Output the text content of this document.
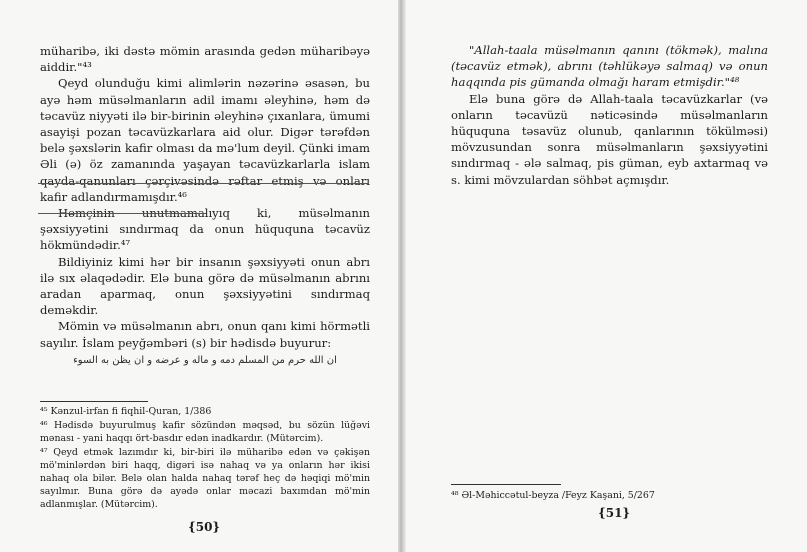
müharibə, iki dəstə mömin arasında gedən müharibəyə aiddir."⁴³

Qeyd olunduğu kimi alimlərin nəzərinə əsasən, bu ayə həm müsəlmanların adil imamı əleyhinə, həm də təcavüz niyyəti ilə bir-birinin əleyhinə çıxanlara, ümumi asayişi pozan təcavüzkarlara aid olur. Digər tərəfdən belə şəxslərin kafir olması da mə'lum deyil. Çünki imam Əli (ə) öz zamanında yaşayan təcavüzkarlarla islam qayda-qanunları çərçivəsində rəftar etmiş və onları kafir adlandırmamışdır.⁴⁶

Həmçinin unutmamalıyıq ki, müsəlmanın şəxsiyyətini sındırmaq da onun hüququna təcavüz hökmündədir.⁴⁷

Bildiyiniz kimi hər bir insanın şəxsiyyəti onun abrı ilə sıx əlaqədədir. Elə buna görə də müsəlmanın abrını aradan aparmaq, onun şəxsiyyətini sındırmaq deməkdir.

Mömin və müsəlmanın abrı, onun qanı kimi hörmətli sayılır. İslam peyğəmbəri (s) bir hədisdə buyurur:

ان الله حرم من المسلم دمه و ماله و عرضه و ان يظن به السوء

⁴⁵ Kənzul-irfan fi fiqhil-Quran, 1/386

⁴⁶ Hədisdə buyurulmuş kafir sözündən məqsəd, bu sözün lüğəvi mənası - yani haqqı ört-basdır edən inadkardır. (Mütərcim).

⁴⁷ Qeyd etmək lazımdır ki, bir-biri ilə müharibə edən və çəkişən mö'minlərdən biri haqq, digəri isə nahaq və ya onların hər ikisi nahaq ola bilər. Belə olan halda nahaq tərəf heç də həqiqi mö'min sayılmır. Buna görə də ayədə onlar məcazi baxımdan mö'min adlanmışlar. (Mütərcim).

{50}

"Allah-taala müsəlmanın qanını (tökmək), malına (təcavüz etmək), abrını (təhlükəyə salmaq) və onun haqqında pis gümanda olmağı haram etmişdir."⁴⁸

Elə buna görə də Allah-taala təcavüzkarlar (və onların təcavüzü nəticəsində müsəlmanların hüququna təsavüz olunub, qanlarının tökülməsi) mövzusundan sonra müsəlmanların şəxsiyyətini sındırmaq - ələ salmaq, pis güman, eyb axtarmaq və s. kimi mövzulardan söhbət açmışdır.

⁴⁸ Əl-Məhiccətul-beyza /Feyz Kaşani, 5/267

{51}
